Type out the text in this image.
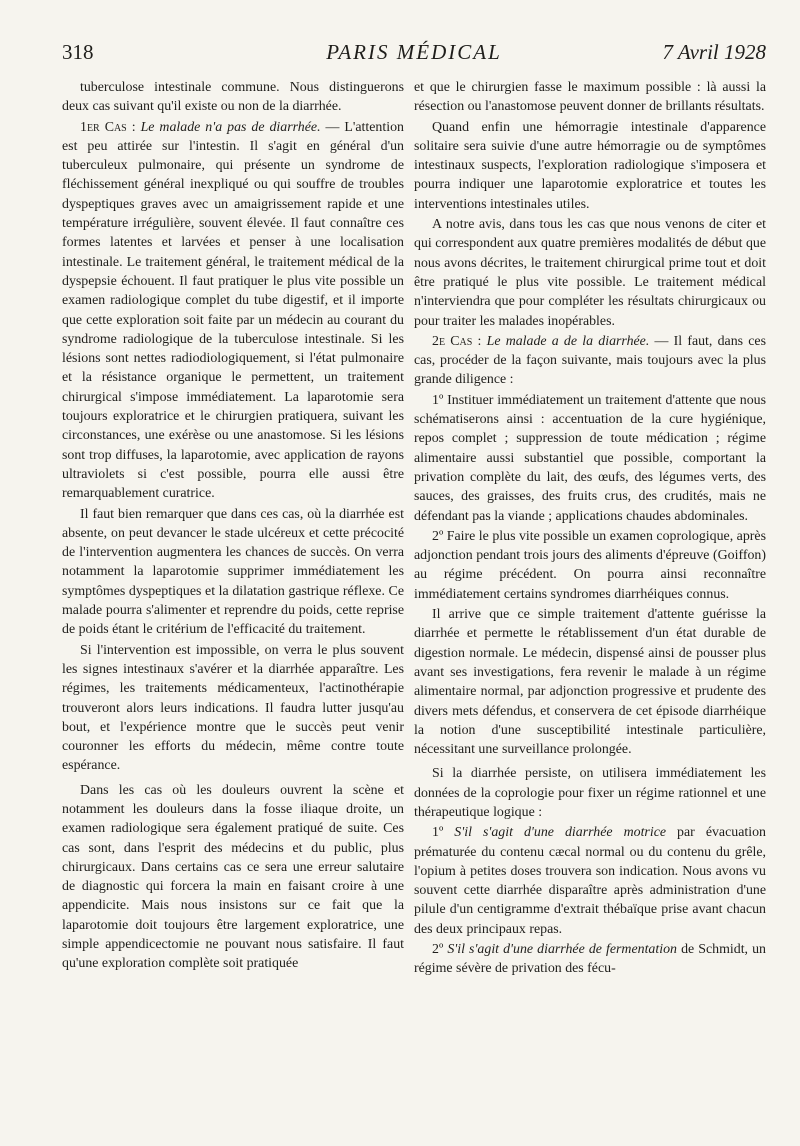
318	PARIS MÉDICAL	7 Avril 1928

tuberculose intestinale commune. Nous distinguerons deux cas suivant qu'il existe ou non de la diarrhée.

1er Cas : Le malade n'a pas de diarrhée. — L'attention est peu attirée sur l'intestin. Il s'agit en général d'un tuberculeux pulmonaire, qui présente un syndrome de fléchissement général inexpliqué ou qui souffre de troubles dyspeptiques graves avec un amaigrissement rapide et une température irrégulière, souvent élevée. Il faut connaître ces formes latentes et larvées et penser à une localisation intestinale. Le traitement général, le traitement médical de la dyspepsie échouent. Il faut pratiquer le plus vite possible un examen radiologique complet du tube digestif, et il importe que cette exploration soit faite par un médecin au courant du syndrome radiologique de la tuberculose intestinale. Si les lésions sont nettes radiodiologiquement, si l'état pulmonaire et la résistance organique le permettent, un traitement chirurgical s'impose immédiatement. La laparotomie sera toujours exploratrice et le chirurgien pratiquera, suivant les circonstances, une exérèse ou une anastomose. Si les lésions sont trop diffuses, la laparotomie, avec application de rayons ultraviolets si c'est possible, pourra elle aussi être remarquablement curatrice.

Il faut bien remarquer que dans ces cas, où la diarrhée est absente, on peut devancer le stade ulcéreux et cette précocité de l'intervention augmentera les chances de succès. On verra notamment la laparotomie supprimer immédiatement les symptômes dyspeptiques et la dilatation gastrique réflexe. Ce malade pourra s'alimenter et reprendre du poids, cette reprise de poids étant le critérium de l'efficacité du traitement.

Si l'intervention est impossible, on verra le plus souvent les signes intestinaux s'avérer et la diarrhée apparaître. Les régimes, les traitements médicamenteux, l'actinothérapie trouveront alors leurs indications. Il faudra lutter jusqu'au bout, et l'expérience montre que le succès peut venir couronner les efforts du médecin, même contre toute espérance.

Dans les cas où les douleurs ouvrent la scène et notamment les douleurs dans la fosse iliaque droite, un examen radiologique sera également pratiqué de suite. Ces cas sont, dans l'esprit des médecins et du public, plus chirurgicaux. Dans certains cas ce sera une erreur salutaire de diagnostic qui forcera la main en faisant croire à une appendicite. Mais nous insistons sur ce fait que la laparotomie doit toujours être largement exploratrice, une simple appendicectomie ne pouvant nous satisfaire. Il faut qu'une exploration complète soit pratiquée

et que le chirurgien fasse le maximum possible : là aussi la résection ou l'anastomose peuvent donner de brillants résultats.

Quand enfin une hémorragie intestinale d'apparence solitaire sera suivie d'une autre hémorragie ou de symptômes intestinaux suspects, l'exploration radiologique s'imposera et pourra indiquer une laparotomie exploratrice et toutes les interventions intestinales utiles.

A notre avis, dans tous les cas que nous venons de citer et qui correspondent aux quatre premières modalités de début que nous avons décrites, le traitement chirurgical prime tout et doit être pratiqué le plus vite possible. Le traitement médical n'interviendra que pour compléter les résultats chirurgicaux ou pour traiter les malades inopérables.

2e Cas : Le malade a de la diarrhée. — Il faut, dans ces cas, procéder de la façon suivante, mais toujours avec la plus grande diligence :

1º Instituer immédiatement un traitement d'attente que nous schématiserons ainsi : accentuation de la cure hygiénique, repos complet ; suppression de toute médication ; régime alimentaire aussi substantiel que possible, comportant la privation complète du lait, des œufs, des légumes verts, des sauces, des graisses, des fruits crus, des crudités, mais ne défendant pas la viande ; applications chaudes abdominales.

2º Faire le plus vite possible un examen coprologique, après adjonction pendant trois jours des aliments d'épreuve (Goiffon) au régime précédent. On pourra ainsi reconnaître immédiatement certains syndromes diarrhéiques connus.

Il arrive que ce simple traitement d'attente guérisse la diarrhée et permette le rétablissement d'un état durable de digestion normale. Le médecin, dispensé ainsi de pousser plus avant ses investigations, fera revenir le malade à un régime alimentaire normal, par adjonction progressive et prudente des divers mets défendus, et conservera de cet épisode diarrhéique la notion d'une susceptibilité intestinale particulière, nécessitant une surveillance prolongée.

Si la diarrhée persiste, on utilisera immédiatement les données de la coprologie pour fixer un régime rationnel et une thérapeutique logique :

1º S'il s'agit d'une diarrhée motrice par évacuation prématurée du contenu cæcal normal ou du contenu du grêle, l'opium à petites doses trouvera son indication. Nous avons vu souvent cette diarrhée disparaître après administration d'une pilule d'un centigramme d'extrait thébaïque prise avant chacun des deux principaux repas.

2º S'il s'agit d'une diarrhée de fermentation de Schmidt, un régime sévère de privation des fécu-
